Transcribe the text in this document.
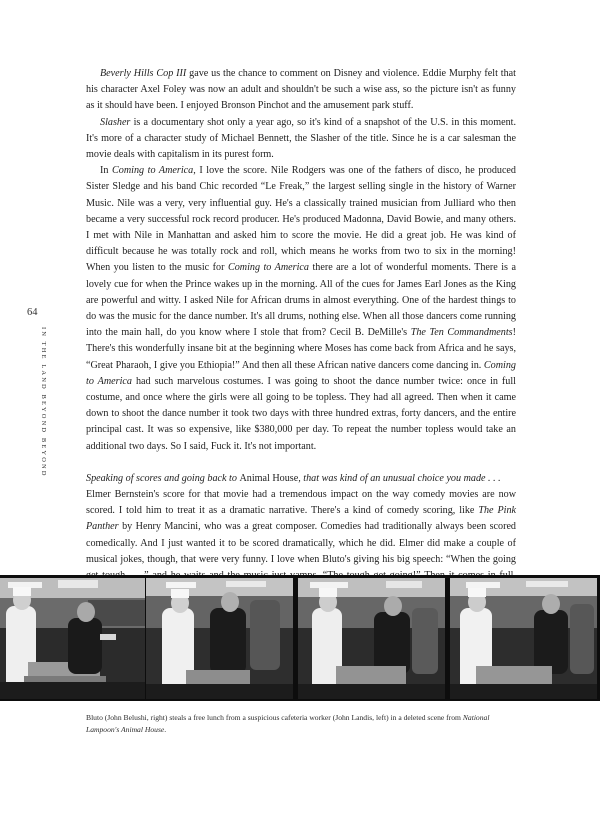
64
IN THE LAND BEYOND BEYOND

Beverly Hills Cop III gave us the chance to comment on Disney and violence. Eddie Murphy felt that his character Axel Foley was now an adult and shouldn't be such a wise ass, so the picture isn't as funny as it should have been. I enjoyed Bronson Pinchot and the amusement park stuff.

Slasher is a documentary shot only a year ago, so it's kind of a snapshot of the U.S. in this moment. It's more of a character study of Michael Bennett, the Slasher of the title. Since he is a car salesman the movie deals with capitalism in its purest form.

In Coming to America, I love the score. Nile Rodgers was one of the fathers of disco, he produced Sister Sledge and his band Chic recorded “Le Freak,” the largest selling single in the history of Warner Music. Nile was a very, very influential guy. He's a classically trained musician from Julliard who then became a very successful rock record producer. He's produced Madonna, David Bowie, and many others. I met with Nile in Manhattan and asked him to score the movie. He did a great job. He was kind of difficult because he was totally rock and roll, which means he works from two to six in the morning! When you listen to the music for Coming to America there are a lot of wonderful moments. There is a lovely cue for when the Prince wakes up in the morning. All of the cues for James Earl Jones as the King are powerful and witty. I asked Nile for African drums in almost everything. One of the hardest things to do was the music for the dance number. It's all drums, nothing else. When all those dancers come running into the main hall, do you know where I stole that from? Cecil B. DeMille's The Ten Commandments! There's this wonderfully insane bit at the beginning where Moses has come back from Africa and he says, “Great Pharaoh, I give you Ethiopia!” And then all these African native dancers come dancing in. Coming to America had such marvelous costumes. I was going to shoot the dance number twice: once in full costume, and once where the girls were all going to be topless. They had all agreed. Then when it came down to shoot the dance number it took two days with three hundred extras, forty dancers, and the entire principal cast. It was so expensive, like $380,000 per day. To repeat the number topless would take an additional two days. So I said, Fuck it. It's not important.

Speaking of scores and going back to Animal House, that was kind of an unusual choice you made . . .

Elmer Bernstein's score for that movie had a tremendous impact on the way comedy movies are now scored. I told him to treat it as a dramatic narrative. There's a kind of comedy scoring, like The Pink Panther by Henry Mancini, who was a great composer. Comedies had traditionally always been scored comedically. And I just wanted it to be scored dramatically, which he did. Elmer did make a couple of musical jokes, though, that were very funny. I love when Bluto's giving his big speech: “When the going

Bluto (John Belushi, right) steals a free lunch from a suspicious cafeteria worker (John Landis, left) in a deleted scene from National Lampoon's Animal House.
